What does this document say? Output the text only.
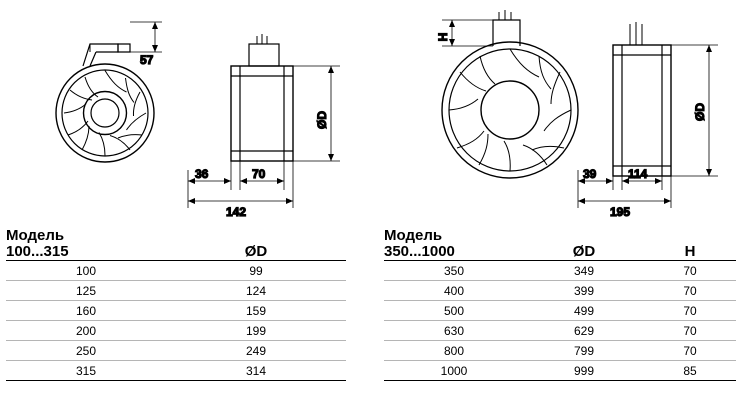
57
ØD
36	70
142
H
ØD
39	114
195
Модель
100...315	ØD
100	99
125	124
160	159
200	199
250	249
315	314
Модель
350...1000	ØD	H
350	349	70
400	399	70
500	499	70
630	629	70
800	799	70
1000	999	85
